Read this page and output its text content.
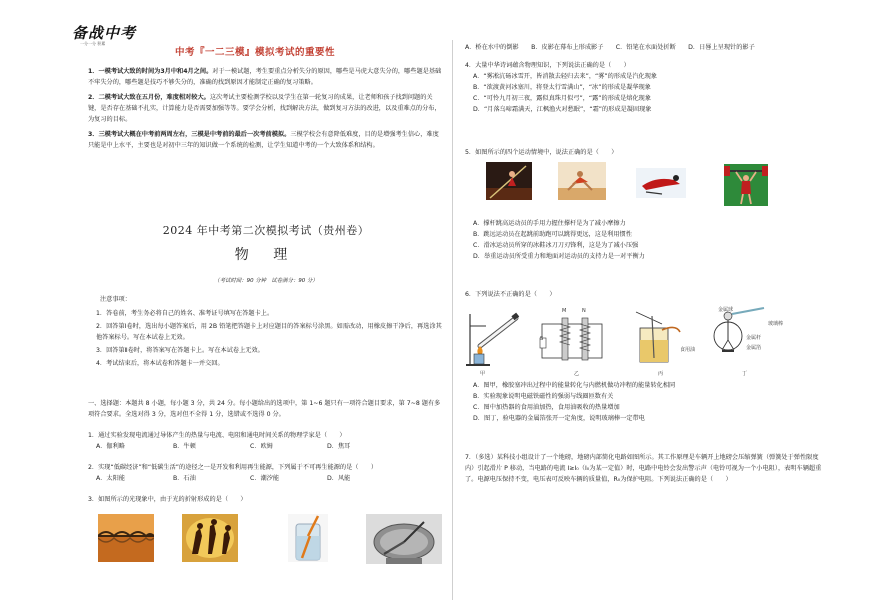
备战中考
一分一分 积累
中考『一二三模』模拟考试的重要性

1．一模考试大致的时间为3月中和4月之间。对于一模试题，考生要重点分析失分的原因，哪些是马虎大意失分的，哪些题是基础不牢失分的，哪些题是技巧不够失分的，准确的找到原因才能制定正确的复习策略。

2．二模考试大致在五月份，难度相对较大。这次考试主要检测学校以及学生在第一轮复习的成果，让老师和孩子找到问题的关键，是否存在基础不扎实，计算能力是否需要加强等等。要学会分析，找到解决方法，做到复习方法的改进，以及重难点的分布，为复习的目标。

3．三模考试大概在中考前两周左右，三模是中考前的最后一次考前模拟。三模学校会有意降低难度，目的是增强考生信心，难度只能是中上水平，主要也是对初中三年的知识做一个系统的检测，让学生知道中考的一个大致体系和结构。

2024 年中考第二次模拟考试（贵州卷）
物 理
（考试时间：90 分钟　试卷满分：90 分）
注意事项：

1．答卷前，考生务必将自己的姓名、准考证号填写在答题卡上。

2．回答第Ⅰ卷时，选出每小题答案后，用 2B 铅笔把答题卡上对应题目的答案标号涂黑。如需改动，用橡皮擦干净后，再选涂其他答案标号。写在本试卷上无效。

3．回答第Ⅱ卷时，将答案写在答题卡上。写在本试卷上无效。

4．考试结束后，将本试卷和答题卡一并交回。

一、选择题：本题共 8 小题，每小题 3 分，共 24 分。每小题给出的选项中，第 1~6 题只有一项符合题目要求，第 7~8 题有多项符合要求。全选对得 3 分，选对但不全得 1 分，选错或不选得 0 分。
1．通过实验发现电流通过导体产生的热量与电流、电阻和通电时间关系的物理学家是（　　）
A．伽利略	B．牛顿	C．欧姆	D．焦耳
2．实现“低碳经济”和“低碳生活”的途径之一是开发和利用再生能源，下列属于不可再生能源的是（　　）
A．太阳能	B．石油	C．潮汐能	D．风能
3．如图所示的光现象中，由于光的折射形成的是（　　）

A．桥在水中的倒影　　B．皮影在幕布上形成影子　　C．铅笔在水面处折断　　D．日晷上呈现针的影子

4．大量中华诗词蕴含物理知识，下列说法正确的是（　　）

A．“雾凇沆砀冰雪开，皆消散去轻归去来”，“雾”的形成是汽化现象

B．“欲渡黄河冰塞川，将登太行雪满山”，“冰”的形成是凝华现象

C．“可怜九月初三夜，露似真珠月似弓”，“露”的形成是熔化现象

D．“月落乌啼霜满天，江枫渔火对愁眠”，“霜”的形成是凝固现象

5．如图所示的四个运动情境中，说法正确的是（　　）

A．撑杆跳高运动员的手用力握住撑杆是为了减小摩擦力

B．跳远运动员在起跳前助跑可以跳得更远，这是利用惯性

C．滑冰运动员所穿的冰鞋冰刀刀刃锋利，这是为了减小压强

D．举重运动员所受重力和地面对运动员的支持力是一对平衡力

6．下列说法不正确的是（　　）

M	N
S
食用油
金属球
玻璃棒
金属杆
金属箔
甲	乙	丙	丁

A．图甲，橡胶塞冲出过程中的能量转化与内燃机做功冲程的能量转化相同

B．实验现象说明电磁铁磁性的强弱与线圈匝数有关

C．图中加热器的食用油加热，食用油吸收的热量增加

D．图丁，验电器的金属箔张开一定角度，说明玻璃棒一定带电

7．（多选）某科技小组设计了一个地磅，地磅内部简化电路如图所示。其工作原理是车辆开上地磅会压缩弹簧（弹簧处于弹性限度内）引起滑片 P 移动，当电路的电流 I≥I₀（I₀为某一定值）时，电路中电铃会发出警示声（电铃可视为一个小电阻），表明车辆超重了。电源电压保持不变，电压表可反映车辆的质量值，R₀为保护电阻。下列说法正确的是（　　）
